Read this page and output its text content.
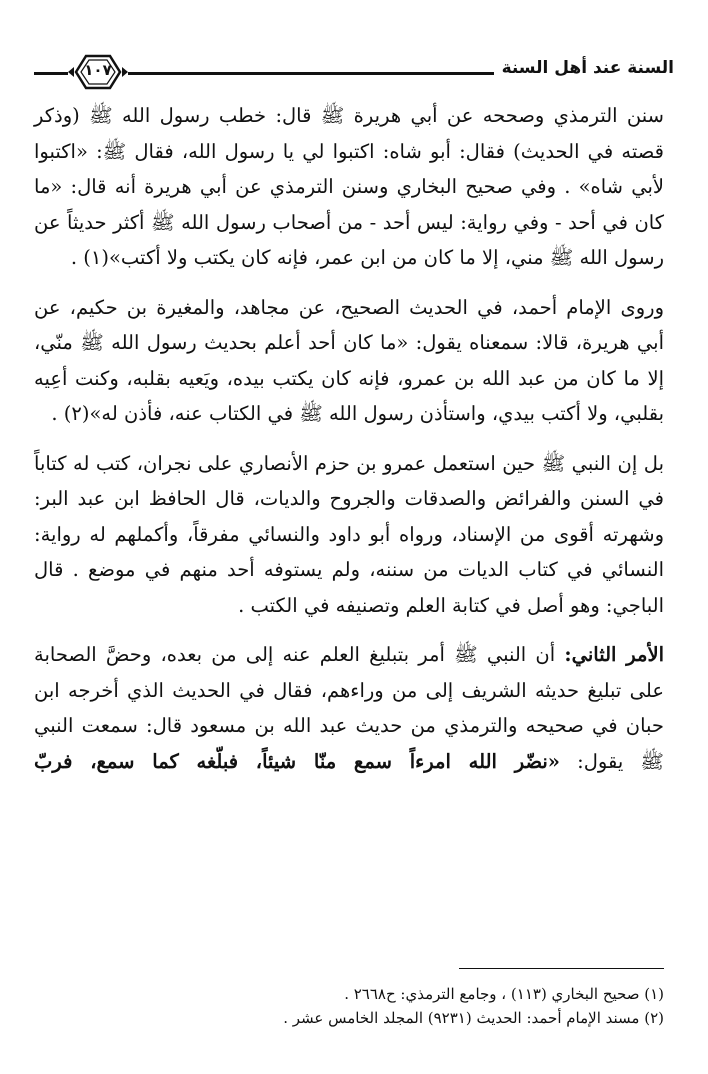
١٠٧	السنة عند أهل السنة

سنن الترمذي وصححه عن أبي هريرة ﷺ قال: خطب رسول الله ﷺ (وذكر قصته في الحديث) فقال: أبو شاه: اكتبوا لي يا رسول الله، فقال ﷺ: «اكتبوا لأبي شاه» . وفي صحيح البخاري وسنن الترمذي عن أبي هريرة أنه قال: «ما كان في أحد - وفي رواية: ليس أحد - من أصحاب رسول الله ﷺ أكثر حديثاً عن رسول الله ﷺ مني، إلا ما كان من ابن عمر، فإنه كان يكتب ولا أكتب»(١) .

وروى الإمام أحمد، في الحديث الصحيح، عن مجاهد، والمغيرة بن حكيم، عن أبي هريرة، قالا: سمعناه يقول: «ما كان أحد أعلم بحديث رسول الله ﷺ منّي، إلا ما كان من عبد الله بن عمرو، فإنه كان يكتب بيده، ويَعيه بقلبه، وكنت أعِيه بقلبي، ولا أكتب بيدي، واستأذن رسول الله ﷺ في الكتاب عنه، فأذن له»(٢) .

بل إن النبي ﷺ حين استعمل عمرو بن حزم الأنصاري على نجران، كتب له كتاباً في السنن والفرائض والصدقات والجروح والديات، قال الحافظ ابن عبد البر: وشهرته أقوى من الإسناد، ورواه أبو داود والنسائي مفرقاً، وأكملهم له رواية: النسائي في كتاب الديات من سننه، ولم يستوفه أحد منهم في موضع . قال الباجي: وهو أصل في كتابة العلم وتصنيفه في الكتب .

الأمر الثاني: أن النبي ﷺ أمر بتبليغ العلم عنه إلى من بعده، وحضَّ الصحابة على تبليغ حديثه الشريف إلى من وراءهم، فقال في الحديث الذي أخرجه ابن حبان في صحيحه والترمذي من حديث عبد الله بن مسعود قال: سمعت النبي ﷺ يقول: «نضّر الله امرءاً سمع منّا شيئاً، فبلّغه كما سمع، فربّ

(١) صحيح البخاري (١١٣) ، وجامع الترمذي: ح٢٦٦٨ .

(٢) مسند الإمام أحمد: الحديث (٩٢٣١) المجلد الخامس عشر .
